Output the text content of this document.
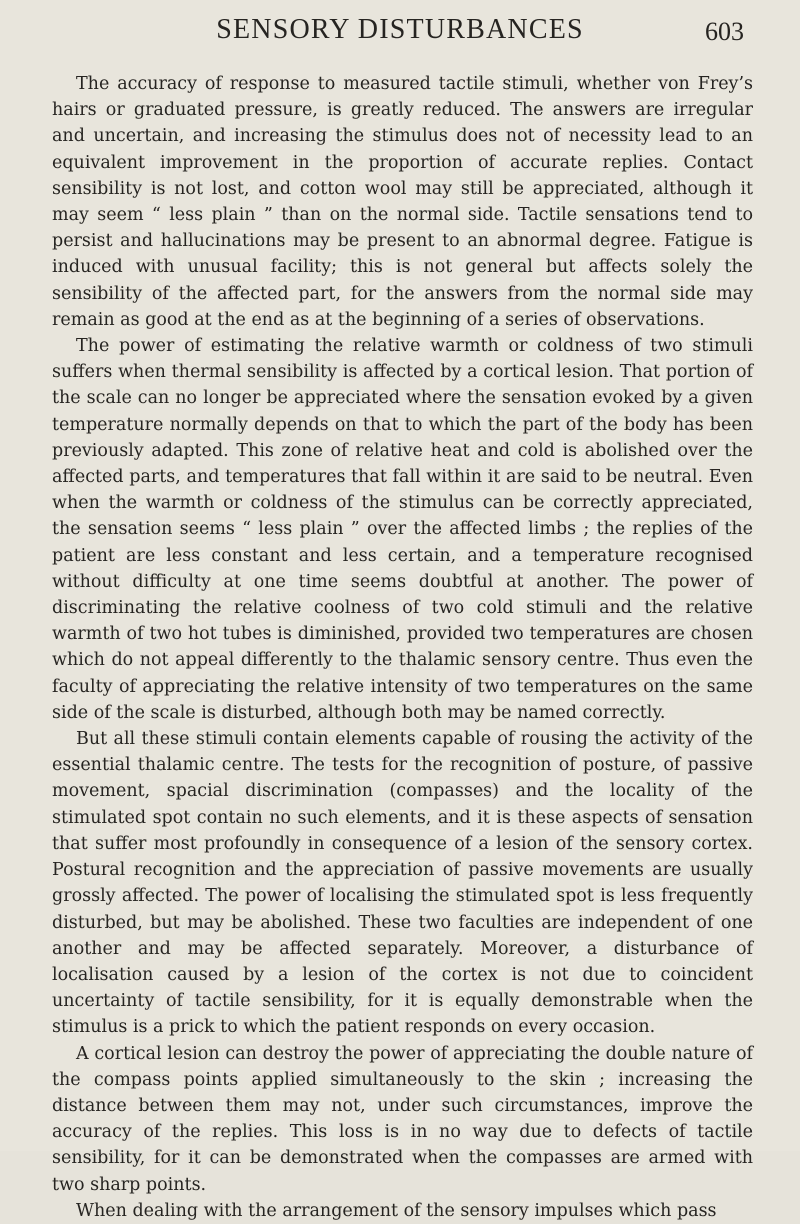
SENSORY DISTURBANCES	603

The accuracy of response to measured tactile stimuli, whether von Frey’s hairs or graduated pressure, is greatly reduced. The answers are irregular and uncertain, and increasing the stimulus does not of necessity lead to an equivalent improvement in the proportion of accurate replies. Contact sensibility is not lost, and cotton wool may still be appreciated, although it may seem “ less plain ” than on the normal side. Tactile sensations tend to persist and hallucinations may be present to an abnormal degree. Fatigue is induced with unusual facility; this is not general but affects solely the sensibility of the affected part, for the answers from the normal side may remain as good at the end as at the beginning of a series of observations.

The power of estimating the relative warmth or coldness of two stimuli suffers when thermal sensibility is affected by a cortical lesion. That portion of the scale can no longer be appreciated where the sensation evoked by a given temperature normally depends on that to which the part of the body has been previously adapted. This zone of relative heat and cold is abolished over the affected parts, and temperatures that fall within it are said to be neutral. Even when the warmth or coldness of the stimulus can be correctly appreciated, the sensation seems “ less plain ” over the affected limbs ; the replies of the patient are less constant and less certain, and a temperature recognised without difficulty at one time seems doubtful at another. The power of discriminating the relative coolness of two cold stimuli and the relative warmth of two hot tubes is diminished, provided two temperatures are chosen which do not appeal differently to the thalamic sensory centre. Thus even the faculty of appreciating the relative intensity of two temperatures on the same side of the scale is disturbed, although both may be named correctly.

But all these stimuli contain elements capable of rousing the activity of the essential thalamic centre. The tests for the recognition of posture, of passive movement, spacial discrimination (compasses) and the locality of the stimulated spot contain no such elements, and it is these aspects of sensation that suffer most profoundly in consequence of a lesion of the sensory cortex. Postural recognition and the appreciation of passive movements are usually grossly affected. The power of localising the stimulated spot is less frequently disturbed, but may be abolished. These two faculties are independent of one another and may be affected separately. Moreover, a disturbance of localisation caused by a lesion of the cortex is not due to coincident uncertainty of tactile sensibility, for it is equally demonstrable when the stimulus is a prick to which the patient responds on every occasion.

A cortical lesion can destroy the power of appreciating the double nature of the compass points applied simultaneously to the skin ; increasing the distance between them may not, under such circumstances, improve the accuracy of the replies. This loss is in no way due to defects of tactile sensibility, for it can be demonstrated when the compasses are armed with two sharp points.

When dealing with the arrangement of the sensory impulses which pass
